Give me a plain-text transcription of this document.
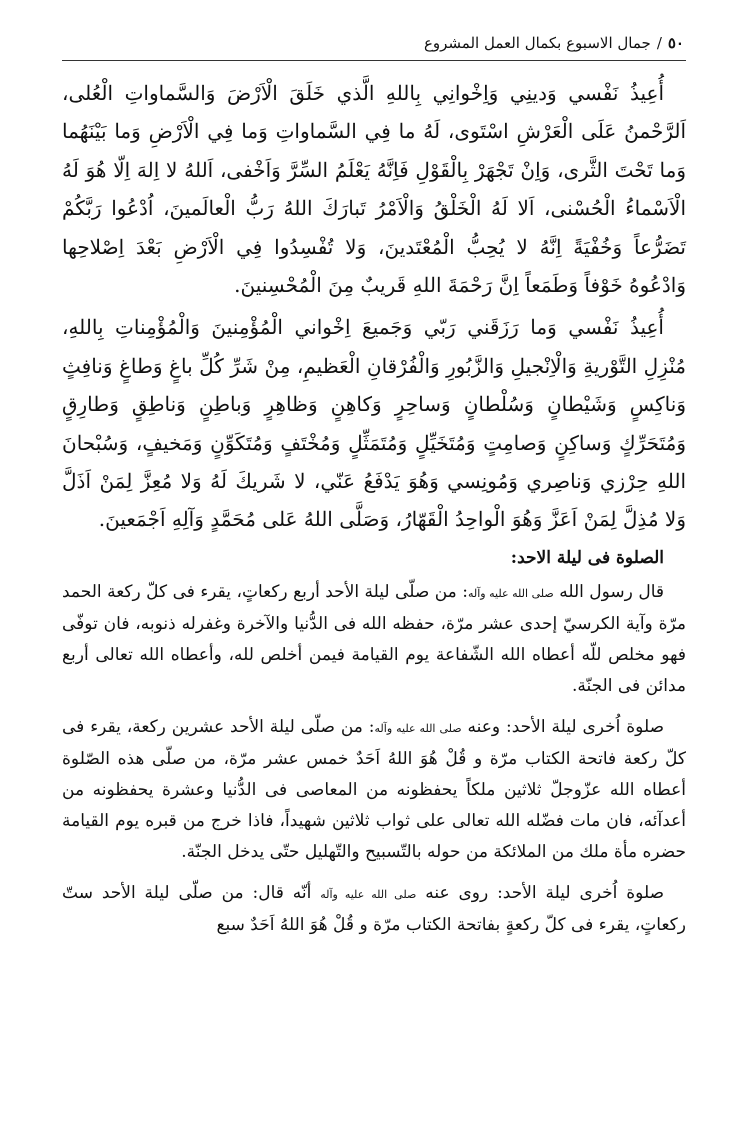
٥٠/جمال الاسبوع بكمال العمل المشروع

أُعِيذُ نَفْسي وَدينِي وَاِخْوانِي بِاللهِ الَّذي خَلَقَ الْاَرْضَ وَالسَّماواتِ الْعُلى، اَلرَّحْمنُ عَلَى الْعَرْشِ اسْتَوى، لَهُ ما فِي السَّماواتِ وَما فِي الْاَرْضِ وَما بَيْنَهُما وَما تَحْتَ الثَّرى، وَاِنْ تَجْهَرْ بِالْقَوْلِ فَاِنَّهُ يَعْلَمُ السِّرَّ وَاَخْفى، اَللهُ لا اِلهَ اِلّا هُوَ لَهُ الْاَسْماءُ الْحُسْنى، اَلا لَهُ الْخَلْقُ وَالْاَمْرُ تَبارَكَ اللهُ رَبُّ الْعالَمينَ، اُدْعُوا رَبَّكُمْ تَضَرُّعاً وَخُفْيَةً اِنَّهُ لا يُحِبُّ الْمُعْتَدينَ، وَلا تُفْسِدُوا فِي الْاَرْضِ بَعْدَ اِصْلاحِها وَادْعُوهُ خَوْفاً وَطَمَعاً اِنَّ رَحْمَةَ اللهِ قَريبٌ مِنَ الْمُحْسِنينَ.

أُعِيذُ نَفْسي وَما رَزَقَني رَبّي وَجَميعَ اِخْواني الْمُؤْمِنينَ وَالْمُؤْمِناتِ بِاللهِ، مُنْزِلِ التَّوْريةِ وَالْاِنْجيلِ وَالزَّبُورِ وَالْفُرْقانِ الْعَظيمِ، مِنْ شَرِّ كُلِّ باغٍ وَطاغٍ وَنافِثٍ وَناكِسٍ وَشَيْطانٍ وَسُلْطانٍ وَساحِرٍ وَكاهِنٍ وَظاهِرٍ وَباطِنٍ وَناطِقٍ وَطارِقٍ وَمُتَحَرِّكٍ وَساكِنٍ وَصامِتٍ وَمُتَخَيِّلٍ وَمُتَمَثِّلٍ وَمُخْتَفٍ وَمُتَكَوِّنٍ وَمَخيفٍ، وَسُبْحانَ اللهِ حِرْزي وَناصِري وَمُونِسي وَهُوَ يَدْفَعُ عَنّي، لا شَريكَ لَهُ وَلا مُعِزَّ لِمَنْ اَذَلَّ وَلا مُذِلَّ لِمَنْ اَعَزَّ وَهُوَ الْواحِدُ الْقَهّارُ، وَصَلَّى اللهُ عَلى مُحَمَّدٍ وَآلِهِ اَجْمَعينَ.

الصلوة فى ليلة الاحد:

قال رسول الله صلى الله عليه وآله: من صلّى ليلة الأحد أربع ركعاتٍ، يقرء فى كلّ ركعة الحمد مرّة وآية الكرسيّ إحدى عشر مرّة، حفظه الله فى الدُّنيا والآخرة وغفرله ذنوبه، فان توفّى فهو مخلص للّه أعطاه الله الشّفاعة يوم القيامة فيمن أخلص لله، وأعطاه الله تعالى أربع مدائن فى الجنّة.

صلوة اُخرى ليلة الأحد: وعنه صلى الله عليه وآله: من صلّى ليلة الأحد عشرين ركعة، يقرء فى كلّ ركعة فاتحة الكتاب مرّة و قُلْ هُوَ اللهُ اَحَدٌ خمس عشر مرّة، من صلّى هذه الصّلوة أعطاه الله عزّوجلّ ثلاثين ملكاً يحفظونه من المعاصى فى الدُّنيا وعشرة يحفظونه من أعدآئه، فان مات فضّله الله تعالى على ثواب ثلاثين شهيداً، فاذا خرج من قبره يوم القيامة حضره مأة ملك من الملائكة من حوله بالتّسبيح والتّهليل حتّى يدخل الجنّة.

صلوة اُخرى ليلة الأحد: روى عنه صلى الله عليه وآله أنّه قال: من صلّى ليلة الأحد ستّ ركعاتٍ، يقرء فى كلّ ركعةٍ بفاتحة الكتاب مرّة و قُلْ هُوَ اللهُ اَحَدٌ سبع
